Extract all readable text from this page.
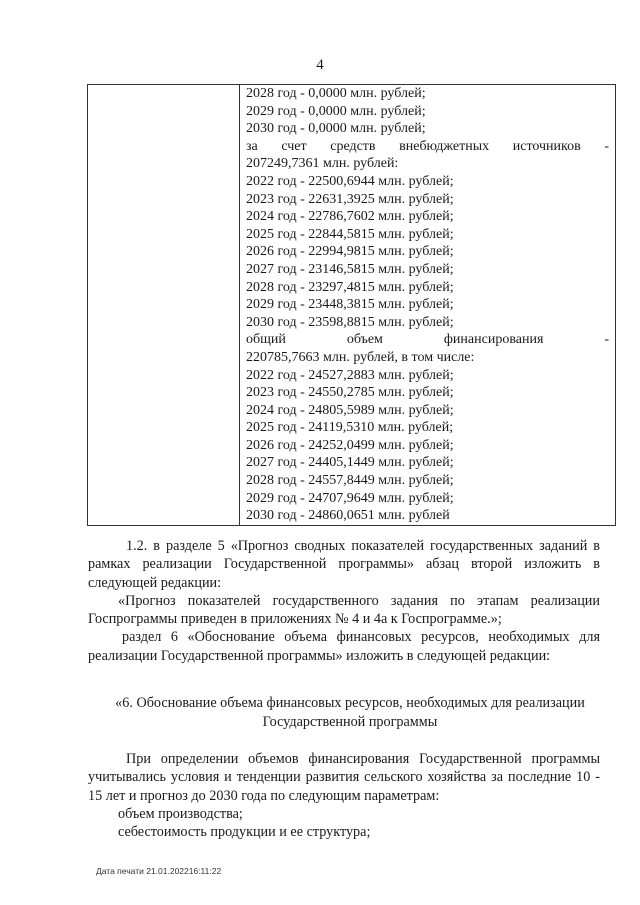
4

2028 год - 0,0000 млн. рублей;
2029 год - 0,0000 млн. рублей;
2030 год - 0,0000 млн. рублей;
за счет средств внебюджетных источников -
207249,7361 млн. рублей:
2022 год - 22500,6944 млн. рублей;
2023 год - 22631,3925 млн. рублей;
2024 год - 22786,7602 млн. рублей;
2025 год - 22844,5815 млн. рублей;
2026 год - 22994,9815 млн. рублей;
2027 год - 23146,5815 млн. рублей;
2028 год - 23297,4815 млн. рублей;
2029 год - 23448,3815 млн. рублей;
2030 год - 23598,8815 млн. рублей;
общий объем финансирования -
220785,7663 млн. рублей, в том числе:
2022 год - 24527,2883 млн. рублей;
2023 год - 24550,2785 млн. рублей;
2024 год - 24805,5989 млн. рублей;
2025 год - 24119,5310 млн. рублей;
2026 год - 24252,0499 млн. рублей;
2027 год - 24405,1449 млн. рублей;
2028 год - 24557,8449 млн. рублей;
2029 год - 24707,9649 млн. рублей;
2030 год - 24860,0651 млн. рублей

1.2. в разделе 5 «Прогноз сводных показателей государственных заданий в рамках реализации Государственной программы» абзац второй изложить в следующей редакции:

«Прогноз показателей государственного задания по этапам реализации Госпрограммы приведен в приложениях № 4 и 4а к Госпрограмме.»;

раздел 6 «Обоснование объема финансовых ресурсов, необходимых для реализации Государственной программы» изложить в следующей редакции:

«6. Обоснование объема финансовых ресурсов, необходимых для реализации Государственной программы

При определении объемов финансирования Государственной программы учитывались условия и тенденции развития сельского хозяйства за последние 10 - 15 лет и прогноз до 2030 года по следующим параметрам:

объем производства;

себестоимость продукции и ее структура;

Дата печати 21.01.202216:11:22
